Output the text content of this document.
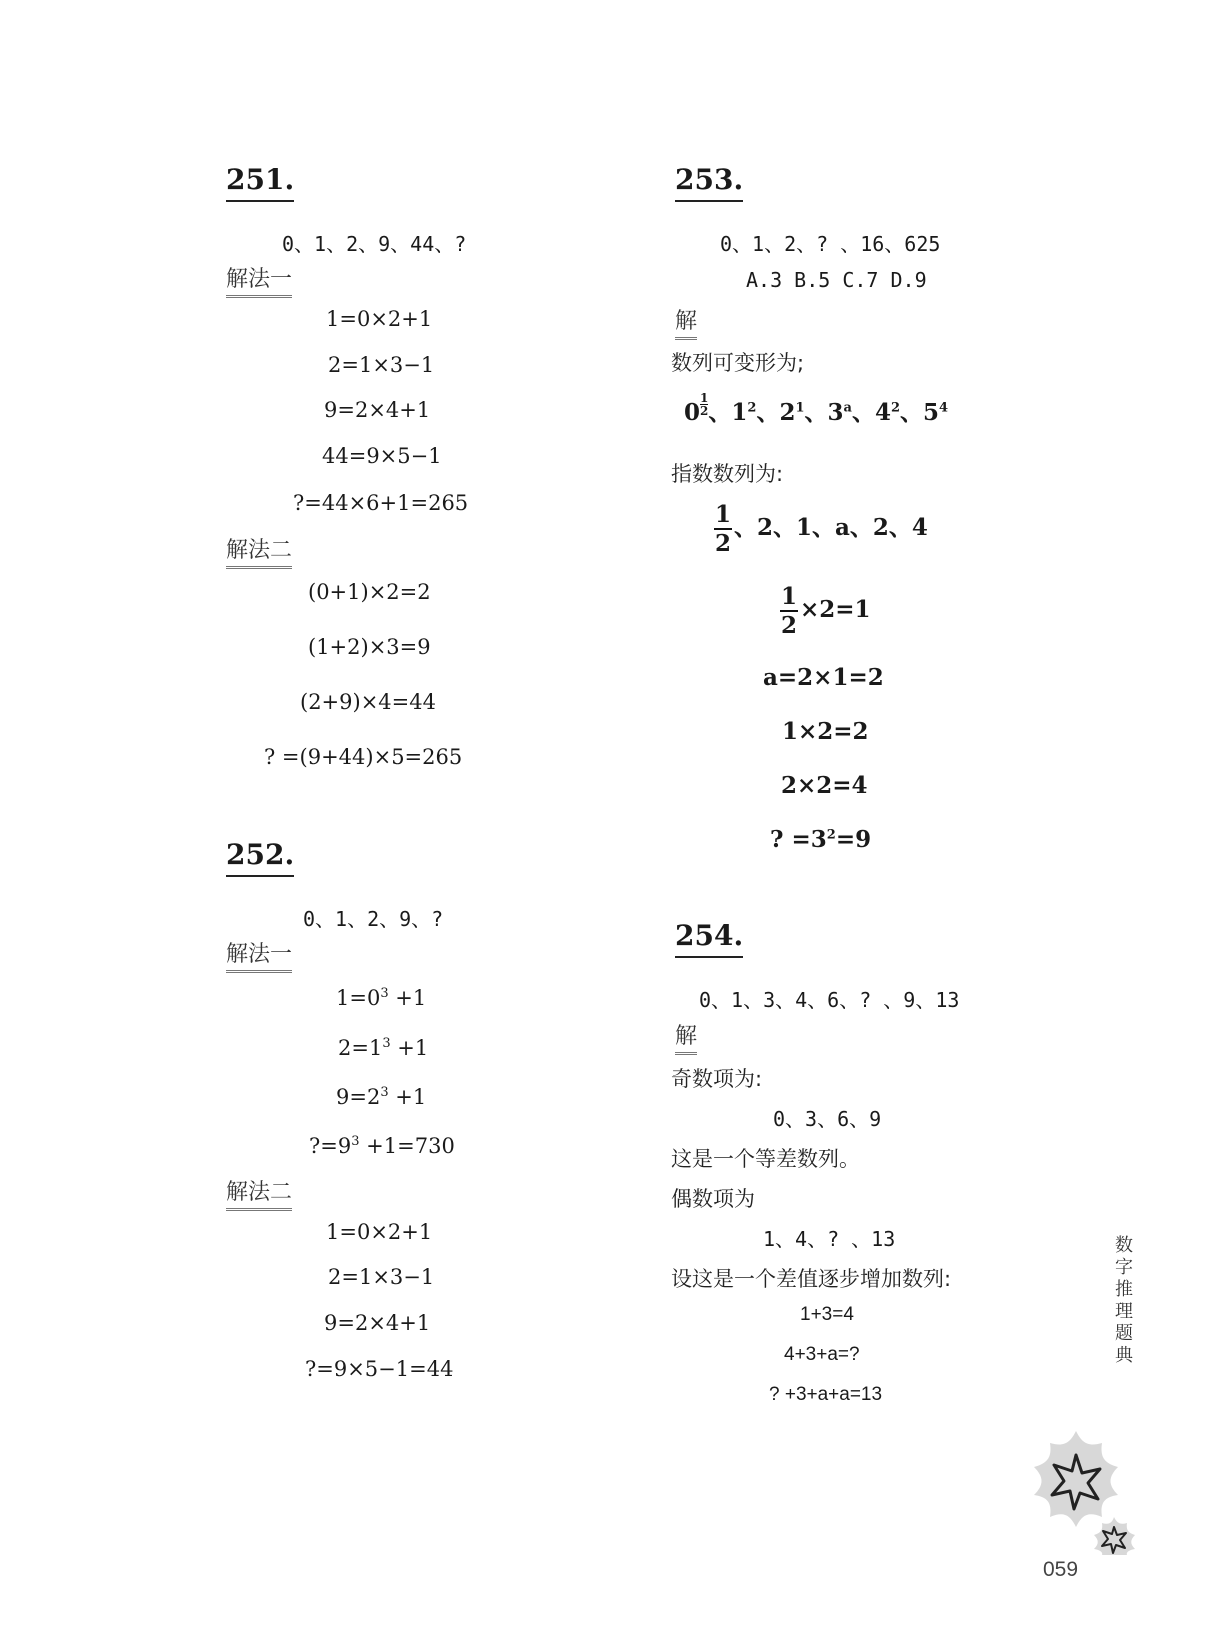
251.
0、1、2、9、44、?
解法一
1=0×2+1
2=1×3−1
9=2×4+1
44=9×5−1
?=44×6+1=265
解法二
(0+1)×2=2
(1+2)×3=9
(2+9)×4=44
? =(9+44)×5=265
252.
0、1、2、9、?
解法一
$1=0^3 +1$
$2=1^3 +1$
$9=2^3 +1$
$?=9^3 +1=730$
解法二
1=0×2+1
2=1×3−1
9=2×4+1
?=9×5−1=44
253.
0、1、2、? 、16、625
A.3 B.5 C.7 D.9
解
数列可变形为;
0 $^{\frac{1}{2}}$ 、$1^2$、$2^1$、3$^a$、$4^2$、$5^4$
指数数列为:
$\frac{1}{2}$ 、2、1、a、2、4
$\frac{1}{2} \times 2=1$
a=2×1=2
1×2=2
2×2=4
? $=3^2=9$
254.
0、1、3、4、6、? 、9、13
解
奇数项为:
0、3、6、9
这是一个等差数列。
偶数项为
1、4、? 、13
设这是一个差值逐步增加数列:
1+3=4
4+3+a=?
? +3+a+a=13
数
字
推
理
题
典
059
